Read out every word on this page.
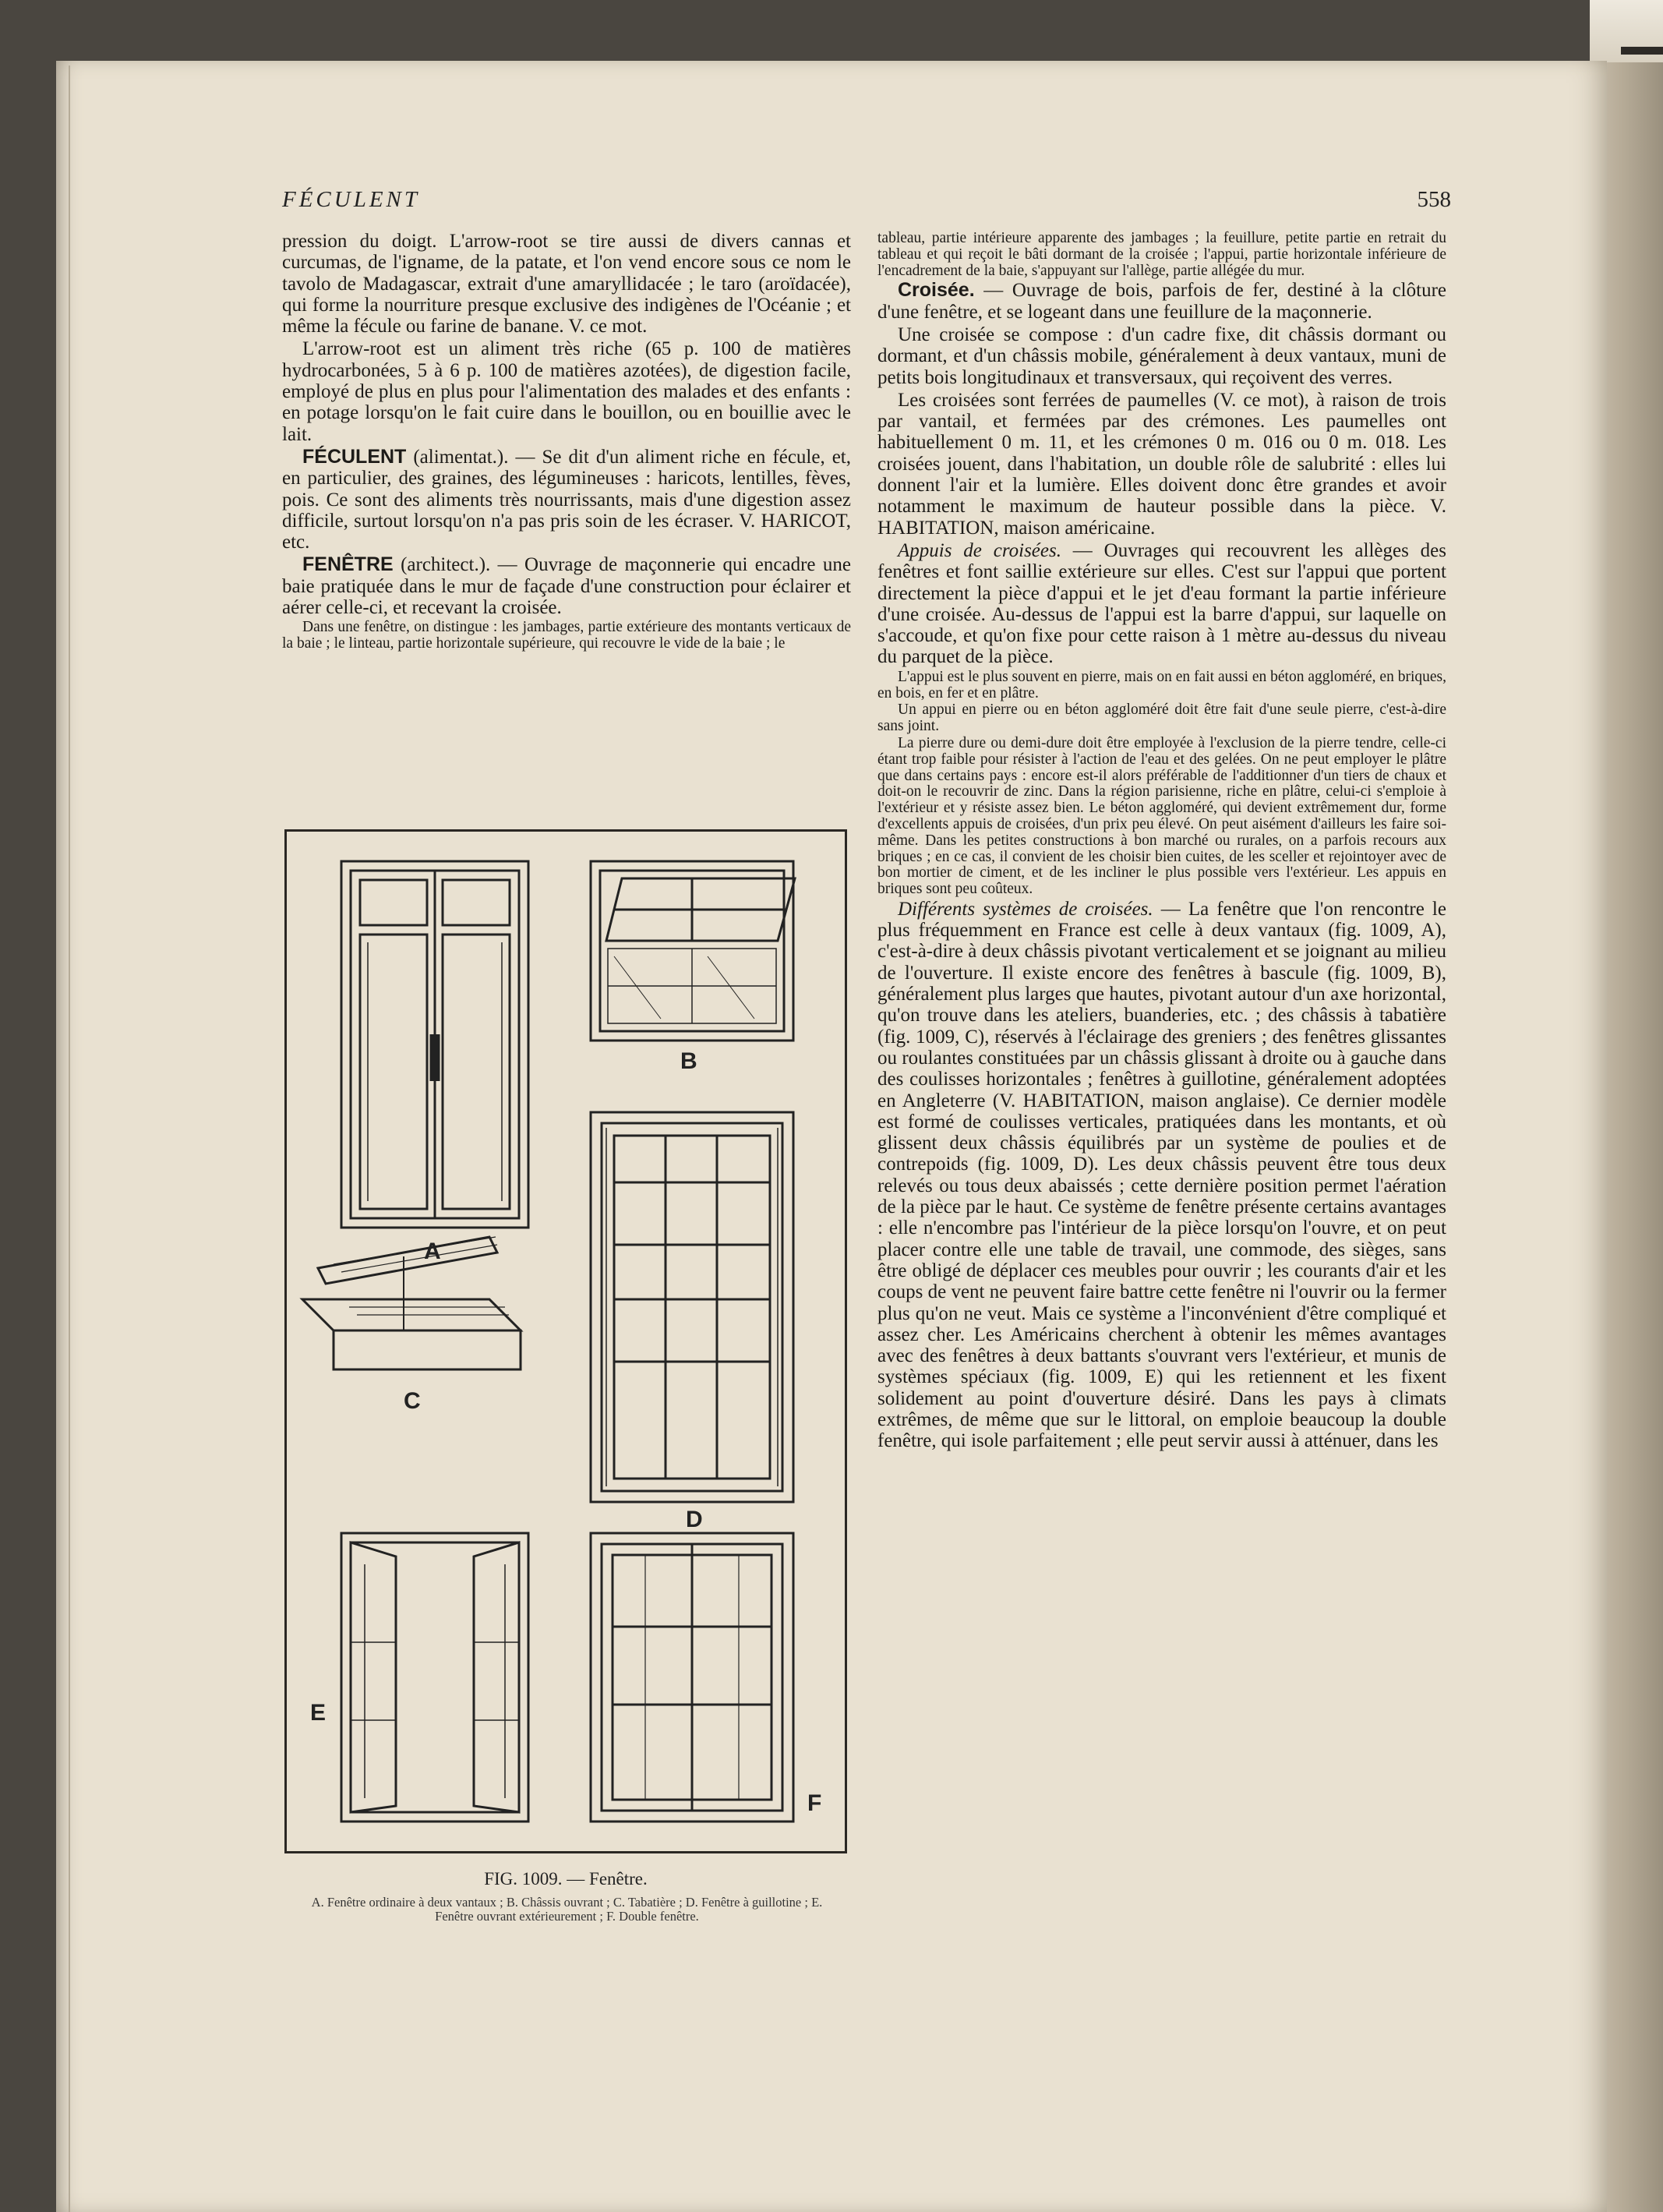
FÉCULENT	558

pression du doigt. L'arrow-root se tire aussi de divers cannas et curcumas, de l'igname, de la patate, et l'on vend encore sous ce nom le tavolo de Madagascar, extrait d'une amaryllidacée ; le taro (aroïdacée), qui forme la nourriture presque exclusive des indigènes de l'Océanie ; et même la fécule ou farine de banane. V. ce mot.

L'arrow-root est un aliment très riche (65 p. 100 de matières hydrocarbonées, 5 à 6 p. 100 de matières azotées), de digestion facile, employé de plus en plus pour l'alimentation des malades et des enfants : en potage lorsqu'on le fait cuire dans le bouillon, ou en bouillie avec le lait.

FÉCULENT (alimentat.). — Se dit d'un aliment riche en fécule, et, en particulier, des graines, des légumineuses : haricots, lentilles, fèves, pois. Ce sont des aliments très nourrissants, mais d'une digestion assez difficile, surtout lorsqu'on n'a pas pris soin de les écraser. V. HARICOT, etc.

FENÊTRE (architect.). — Ouvrage de maçonnerie qui encadre une baie pratiquée dans le mur de façade d'une construction pour éclairer et aérer celle-ci, et recevant la croisée.

Dans une fenêtre, on distingue : les jambages, partie extérieure des montants verticaux de la baie ; le linteau, partie horizontale supérieure, qui recouvre le vide de la baie ; le

A
B
C
D
E
F
FIG. 1009. — Fenêtre.
A. Fenêtre ordinaire à deux vantaux ; B. Châssis ouvrant ; C. Tabatière ; D. Fenêtre à guillotine ; E. Fenêtre ouvrant extérieurement ; F. Double fenêtre.

tableau, partie intérieure apparente des jambages ; la feuillure, petite partie en retrait du tableau et qui reçoit le bâti dormant de la croisée ; l'appui, partie horizontale inférieure de l'encadrement de la baie, s'appuyant sur l'allège, partie allégée du mur.

Croisée. — Ouvrage de bois, parfois de fer, destiné à la clôture d'une fenêtre, et se logeant dans une feuillure de la maçonnerie.

Une croisée se compose : d'un cadre fixe, dit châssis dormant ou dormant, et d'un châssis mobile, généralement à deux vantaux, muni de petits bois longitudinaux et transversaux, qui reçoivent des verres.

Les croisées sont ferrées de paumelles (V. ce mot), à raison de trois par vantail, et fermées par des crémones. Les paumelles ont habituellement 0 m. 11, et les crémones 0 m. 016 ou 0 m. 018. Les croisées jouent, dans l'habitation, un double rôle de salubrité : elles lui donnent l'air et la lumière. Elles doivent donc être grandes et avoir notamment le maximum de hauteur possible dans la pièce. V. HABITATION, maison américaine.

Appuis de croisées. — Ouvrages qui recouvrent les allèges des fenêtres et font saillie extérieure sur elles. C'est sur l'appui que portent directement la pièce d'appui et le jet d'eau formant la partie inférieure d'une croisée. Au-dessus de l'appui est la barre d'appui, sur laquelle on s'accoude, et qu'on fixe pour cette raison à 1 mètre au-dessus du niveau du parquet de la pièce.

L'appui est le plus souvent en pierre, mais on en fait aussi en béton aggloméré, en briques, en bois, en fer et en plâtre.

Un appui en pierre ou en béton aggloméré doit être fait d'une seule pierre, c'est-à-dire sans joint.

La pierre dure ou demi-dure doit être employée à l'exclusion de la pierre tendre, celle-ci étant trop faible pour résister à l'action de l'eau et des gelées. On ne peut employer le plâtre que dans certains pays : encore est-il alors préférable de l'additionner d'un tiers de chaux et doit-on le recouvrir de zinc. Dans la région parisienne, riche en plâtre, celui-ci s'emploie à l'extérieur et y résiste assez bien. Le béton aggloméré, qui devient extrêmement dur, forme d'excellents appuis de croisées, d'un prix peu élevé. On peut aisément d'ailleurs les faire soi-même. Dans les petites constructions à bon marché ou rurales, on a parfois recours aux briques ; en ce cas, il convient de les choisir bien cuites, de les sceller et rejointoyer avec de bon mortier de ciment, et de les incliner le plus possible vers l'extérieur. Les appuis en briques sont peu coûteux.

Différents systèmes de croisées. — La fenêtre que l'on rencontre le plus fréquemment en France est celle à deux vantaux (fig. 1009, A), c'est-à-dire à deux châssis pivotant verticalement et se joignant au milieu de l'ouverture. Il existe encore des fenêtres à bascule (fig. 1009, B), généralement plus larges que hautes, pivotant autour d'un axe horizontal, qu'on trouve dans les ateliers, buanderies, etc. ; des châssis à tabatière (fig. 1009, C), réservés à l'éclairage des greniers ; des fenêtres glissantes ou roulantes constituées par un châssis glissant à droite ou à gauche dans des coulisses horizontales ; fenêtres à guillotine, généralement adoptées en Angleterre (V. HABITATION, maison anglaise). Ce dernier modèle est formé de coulisses verticales, pratiquées dans les montants, et où glissent deux châssis équilibrés par un système de poulies et de contrepoids (fig. 1009, D). Les deux châssis peuvent être tous deux relevés ou tous deux abaissés ; cette dernière position permet l'aération de la pièce par le haut. Ce système de fenêtre présente certains avantages : elle n'encombre pas l'intérieur de la pièce lorsqu'on l'ouvre, et on peut placer contre elle une table de travail, une commode, des sièges, sans être obligé de déplacer ces meubles pour ouvrir ; les courants d'air et les coups de vent ne peuvent faire battre cette fenêtre ni l'ouvrir ou la fermer plus qu'on ne veut. Mais ce système a l'inconvénient d'être compliqué et assez cher. Les Américains cherchent à obtenir les mêmes avantages avec des fenêtres à deux battants s'ouvrant vers l'extérieur, et munis de systèmes spéciaux (fig. 1009, E) qui les retiennent et les fixent solidement au point d'ouverture désiré. Dans les pays à climats extrêmes, de même que sur le littoral, on emploie beaucoup la double fenêtre, qui isole parfaitement ; elle peut servir aussi à atténuer, dans les
